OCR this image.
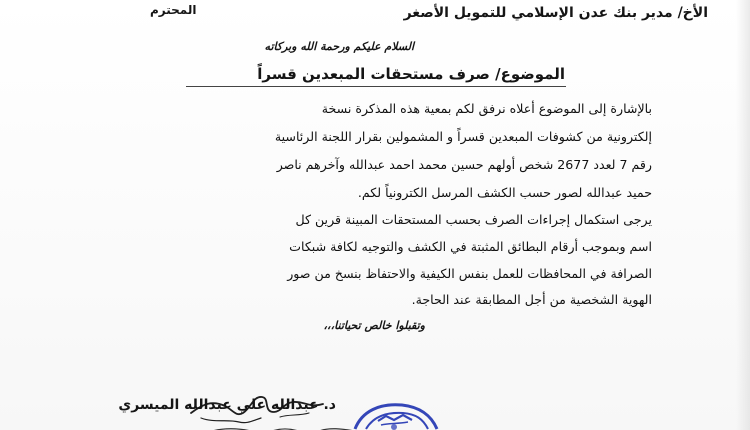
الأخ/ مدير بنك عدن الإسلامي للتمويل الأصغر
المحترم
السلام عليكم ورحمة الله وبركاته
الموضوع/ صرف مستحقات المبعدين قسراً
بالإشارة إلى الموضوع أعلاه نرفق لكم بمعية هذه المذكرة نسخة
إلكترونية من كشوفات المبعدين قسراً و المشمولين بقرار اللجنة الرئاسية
رقم 7 لعدد 2677 شخص أولهم حسين محمد احمد عبدالله وآخرهم ناصر
حميد عبدالله لصور حسب الكشف المرسل الكترونياً لكم.
يرجى استكمال إجراءات الصرف بحسب المستحقات المبينة قرين كل
اسم وبموجب أرقام البطائق المثبتة في الكشف والتوجيه لكافة شبكات
الصرافة في المحافظات للعمل بنفس الكيفية والاحتفاظ بنسخ من صور
الهوية الشخصية من أجل المطابقة عند الحاجة.
وتقبلوا خالص تحياتنا،،،
د. عبدالله علي عبدالله الميسري
